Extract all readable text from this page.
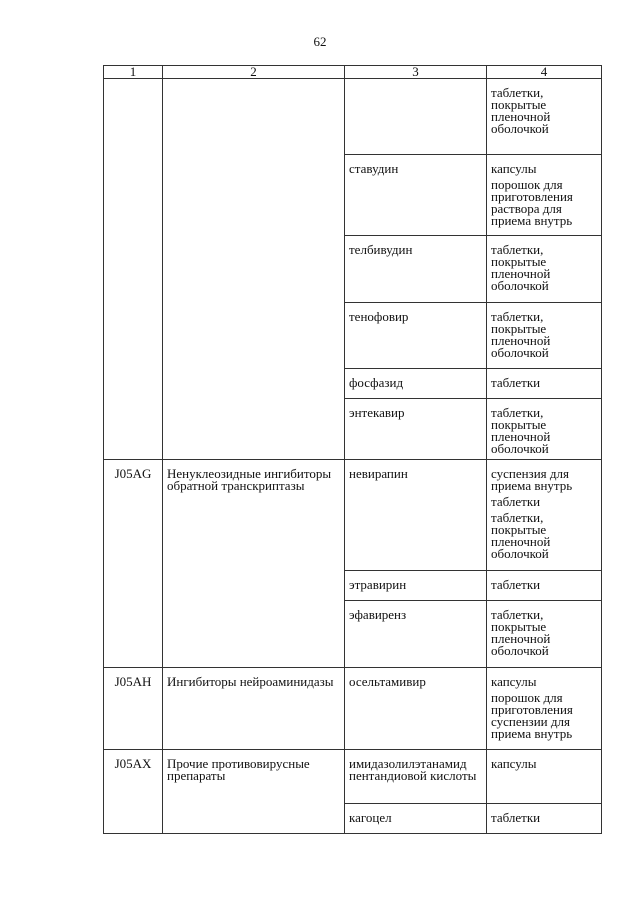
62
1	2	3	4

			таблетки, покрытые пленочной оболочкой

		ставудин	капсулы
порошок для приготовления раствора для приема внутрь

		телбивудин	таблетки, покрытые пленочной оболочкой

		тенофовир	таблетки, покрытые пленочной оболочкой

		фосфазид	таблетки

		энтекавир	таблетки, покрытые пленочной оболочкой

J05AG	Ненуклеозидные ингибиторы обратной транскриптазы	невирапин	суспензия для приема внутрь
таблетки
таблетки, покрытые пленочной оболочкой

		этравирин	таблетки

		эфавиренз	таблетки, покрытые пленочной оболочкой

J05AH	Ингибиторы нейроаминидазы	осельтамивир	капсулы
порошок для приготовления суспензии для приема внутрь

J05AX	Прочие противовирусные препараты	имидазолилэтанамид пентандиовой кислоты	капсулы

		кагоцел	таблетки
